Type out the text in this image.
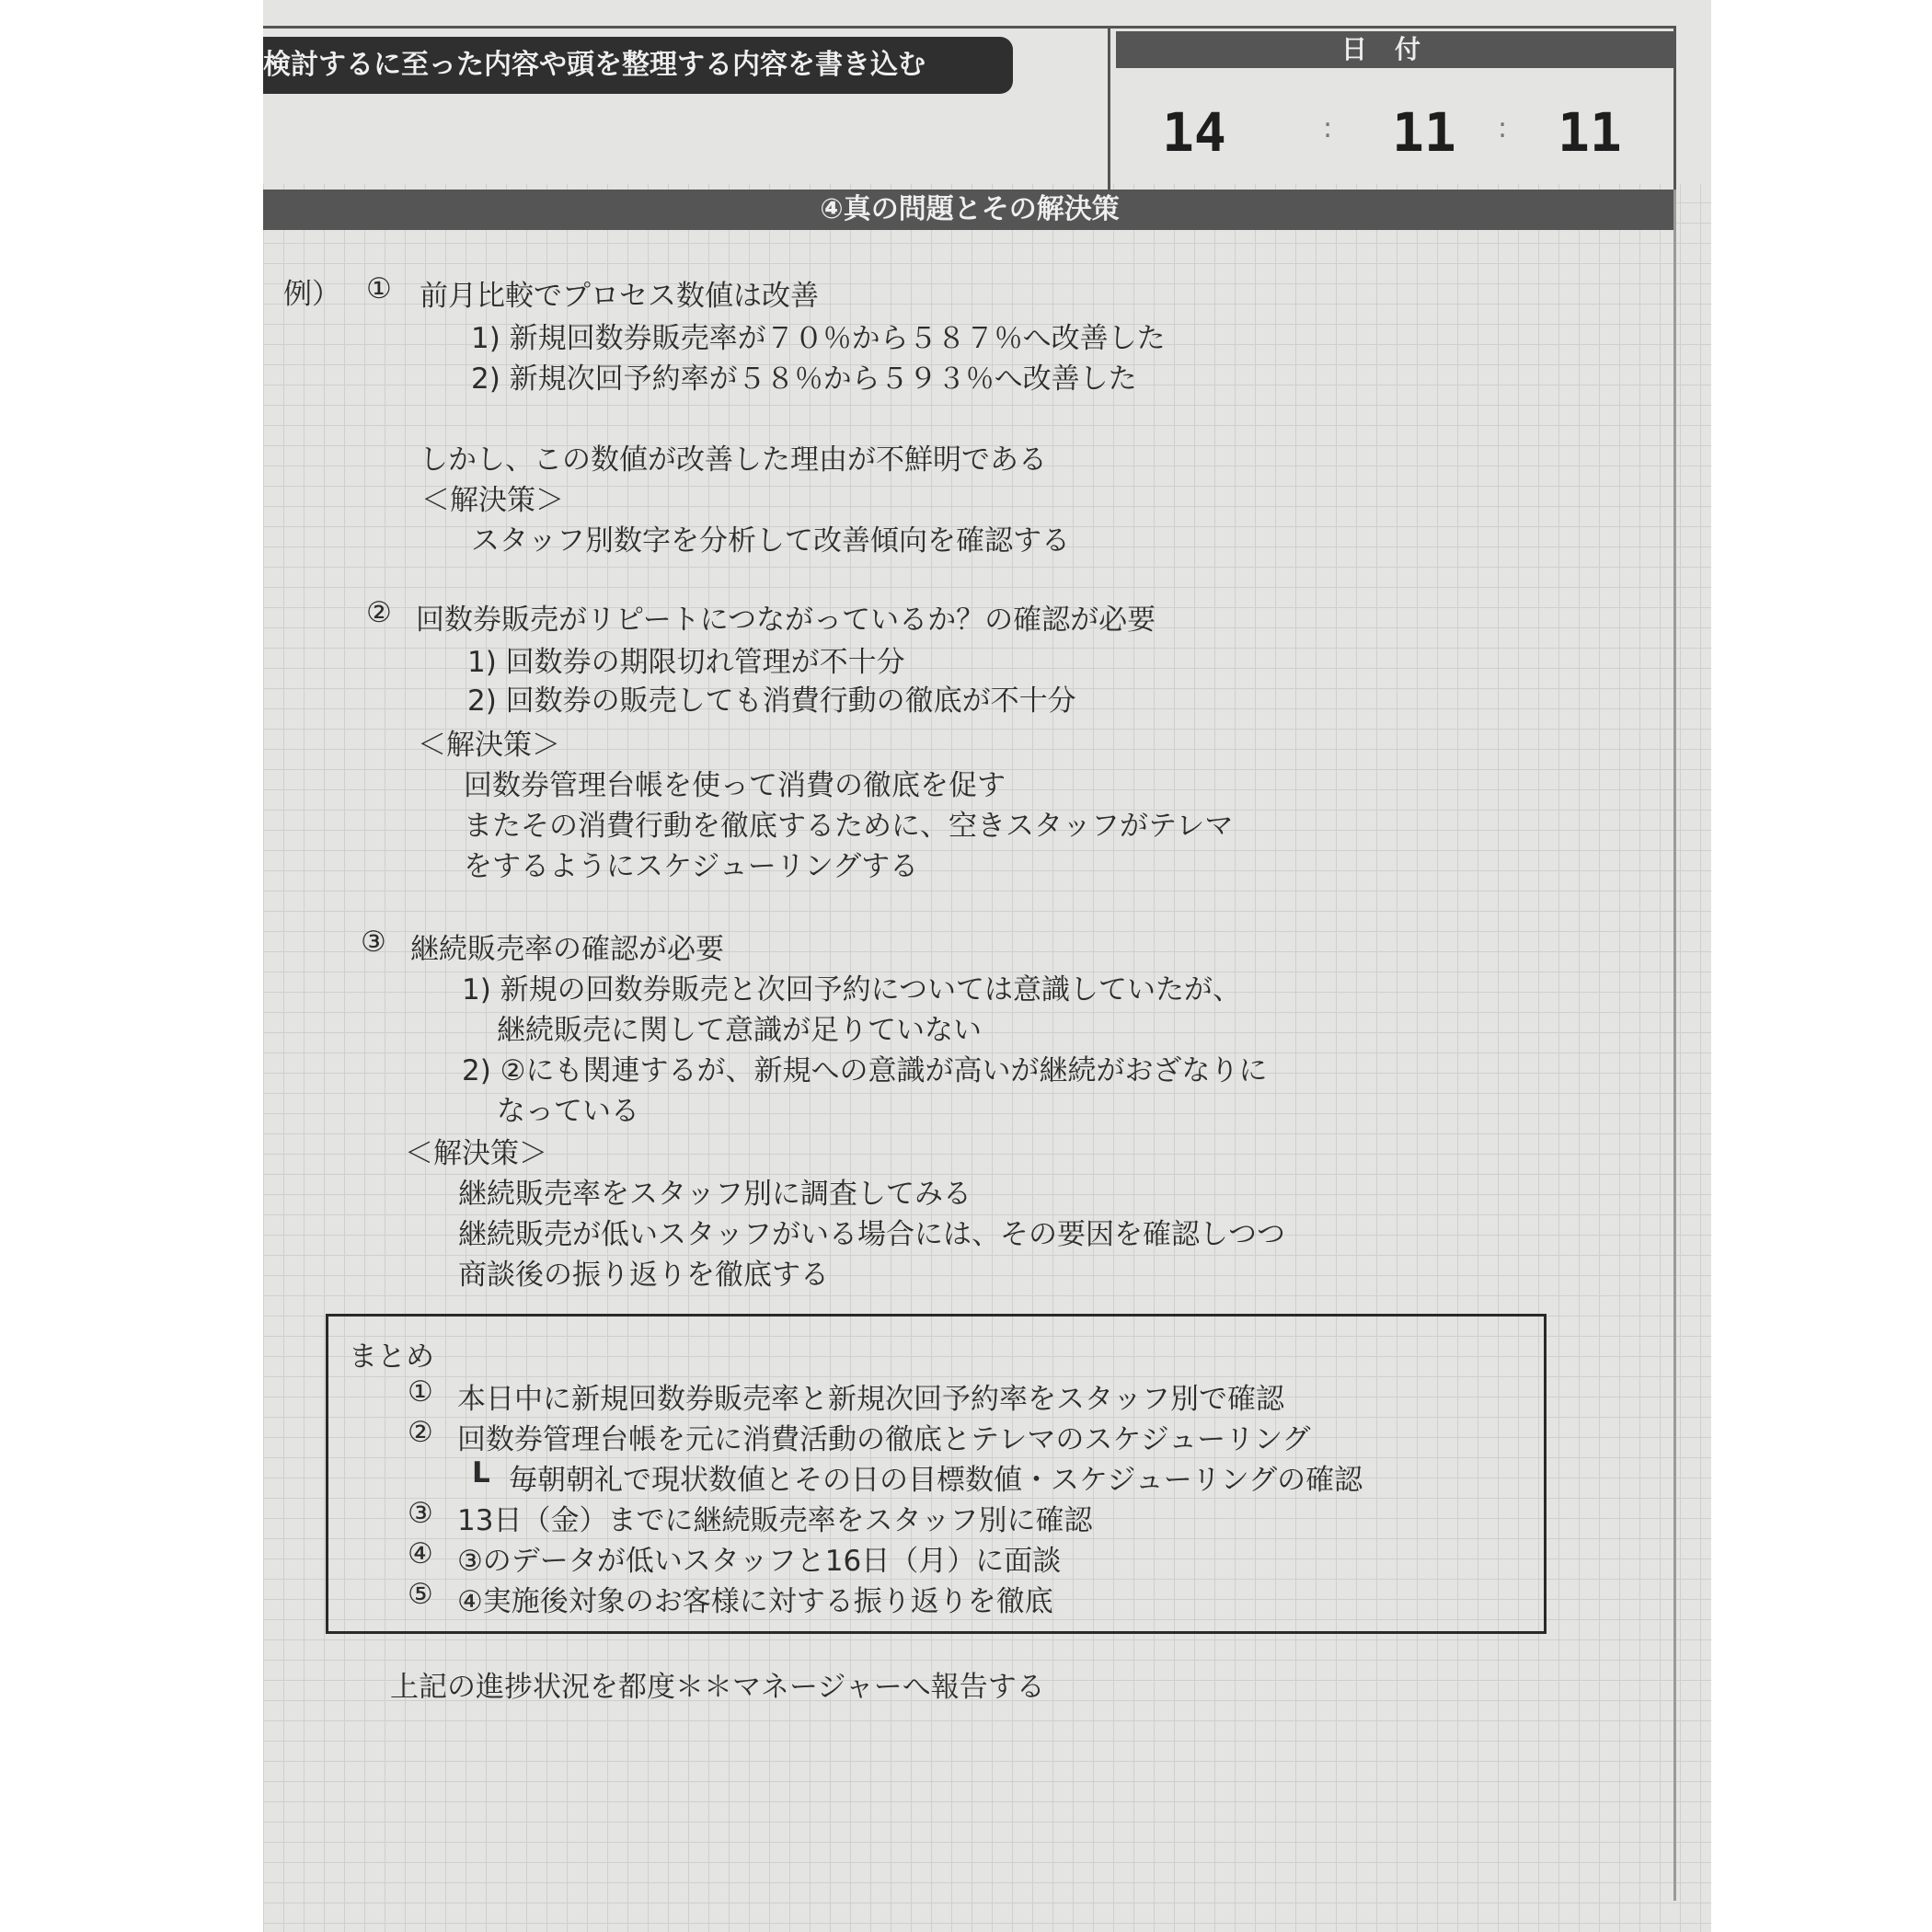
検討するに至った内容や頭を整理する内容を書き込む	日付
14	: 11 : 11
④真の問題とその解決策
例） ① 前月比較でプロセス数値は改善
1) 新規回数券販売率が７０％から５８７％へ改善した
2) 新規次回予約率が５８％から５９３％へ改善した
しかし、この数値が改善した理由が不鮮明である
＜解決策＞
スタッフ別数字を分析して改善傾向を確認する
② 回数券販売がリピートにつながっているか？の確認が必要
1) 回数券の期限切れ管理が不十分
2) 回数券の販売しても消費行動の徹底が不十分
＜解決策＞
回数券管理台帳を使って消費の徹底を促す
またその消費行動を徹底するために、空きスタッフがテレマ
をするようにスケジューリングする
③ 継続販売率の確認が必要
1) 新規の回数券販売と次回予約については意識していたが、
継続販売に関して意識が足りていない
2) ②にも関連するが、新規への意識が高いが継続がおざなりに
なっている
＜解決策＞
継続販売率をスタッフ別に調査してみる
継続販売が低いスタッフがいる場合には、その要因を確認しつつ
商談後の振り返りを徹底する
まとめ
① 本日中に新規回数券販売率と新規次回予約率をスタッフ別で確認
② 回数券管理台帳を元に消費活動の徹底とテレマのスケジューリング
L 毎朝朝礼で現状数値とその日の目標数値・スケジューリングの確認
③ 13日（金）までに継続販売率をスタッフ別に確認
④ ③のデータが低いスタッフと16日（月）に面談
⑤ ④実施後対象のお客様に対する振り返りを徹底
上記の進捗状況を都度＊＊マネージャーへ報告する
